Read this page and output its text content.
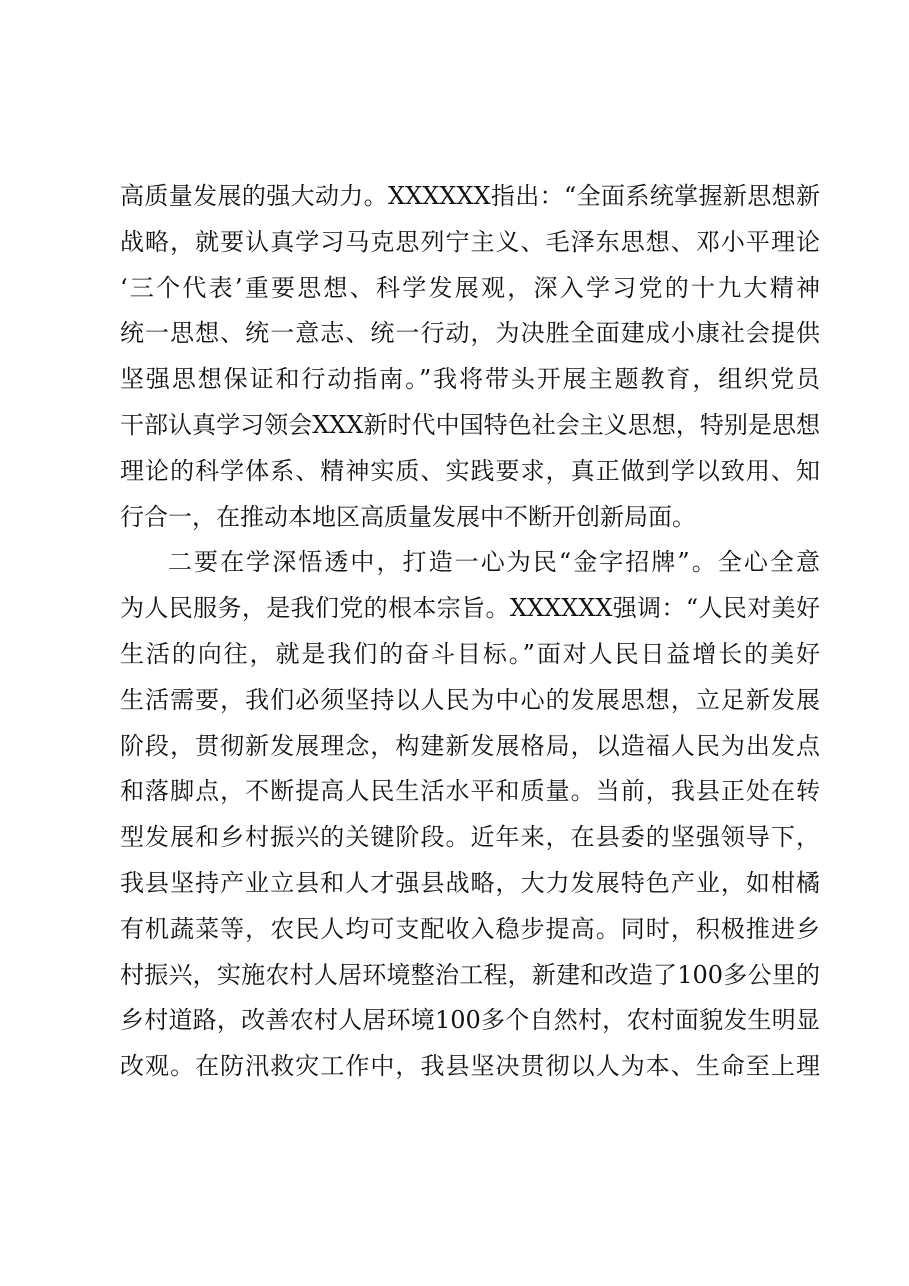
高质量发展的强大动力。XXXXXX指出：“全面系统掌握新思想新
战略，就要认真学习马克思列宁主义、毛泽东思想、邓小平理论
‘三个代表’重要思想、科学发展观，深入学习党的十九大精神
统一思想、统一意志、统一行动，为决胜全面建成小康社会提供
坚强思想保证和行动指南。”我将带头开展主题教育，组织党员
干部认真学习领会XXX新时代中国特色社会主义思想，特别是思想
理论的科学体系、精神实质、实践要求，真正做到学以致用、知
行合一，在推动本地区高质量发展中不断开创新局面。
二要在学深悟透中，打造一心为民“金字招牌”。全心全意
为人民服务，是我们党的根本宗旨。XXXXXX强调：“人民对美好
生活的向往，就是我们的奋斗目标。”面对人民日益增长的美好
生活需要，我们必须坚持以人民为中心的发展思想，立足新发展
阶段，贯彻新发展理念，构建新发展格局，以造福人民为出发点
和落脚点，不断提高人民生活水平和质量。当前，我县正处在转
型发展和乡村振兴的关键阶段。近年来，在县委的坚强领导下，
我县坚持产业立县和人才强县战略，大力发展特色产业，如柑橘
有机蔬菜等，农民人均可支配收入稳步提高。同时，积极推进乡
村振兴，实施农村人居环境整治工程，新建和改造了100多公里的
乡村道路，改善农村人居环境100多个自然村，农村面貌发生明显
改观。在防汛救灾工作中，我县坚决贯彻以人为本、生命至上理
